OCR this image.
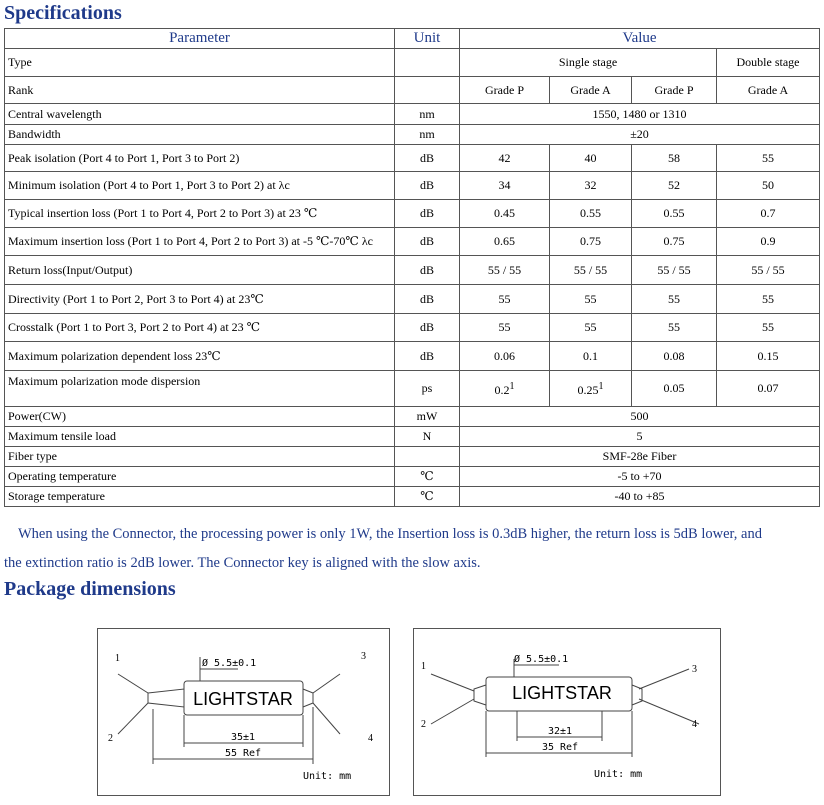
Specifications
Parameter	Unit	Value			
Type		Single stage			Double stage
Rank		Grade P	Grade A	Grade P	Grade A
Central wavelength	nm	1550, 1480 or 1310			
Bandwidth	nm	±20			
Peak isolation (Port 4 to Port 1, Port 3 to Port 2)	dB	42	40	58	55
Minimum isolation (Port 4 to Port 1, Port 3 to Port 2) at λc	dB	34	32	52	50
Typical insertion loss (Port 1 to Port 4, Port 2 to Port 3) at 23 ℃	dB	0.45	0.55	0.55	0.7
Maximum insertion loss (Port 1 to Port 4, Port 2 to Port 3) at -5 ℃-70℃ λc	dB	0.65	0.75	0.75	0.9
Return loss(Input/Output)	dB	55 / 55	55 / 55	55 / 55	55 / 55
Directivity (Port 1 to Port 2, Port 3 to Port 4) at 23℃	dB	55	55	55	55
Crosstalk (Port 1 to Port 3, Port 2 to Port 4) at 23 ℃	dB	55	55	55	55
Maximum polarization dependent loss 23℃	dB	0.06	0.1	0.08	0.15
Maximum polarization mode dispersion	ps	$0.2^1$	0.25$^1$	0.05	0.07
Power(CW)	mW	500			
Maximum tensile load	N	5			
Fiber type		SMF-28e Fiber			
Operating temperature	℃	-5 to +70			
Storage temperature	℃	-40 to +85			
When using the Connector, the processing power is only 1W, the Insertion loss is 0.3dB higher, the return loss is 5dB lower, and
the extinction ratio is 2dB lower. The Connector key is aligned with the slow axis.
Package dimensions
LIGHTSTAR
Ø 5.5±0.1
35±1
55 Ref
Unit: mm
1
2
3
4
LIGHTSTAR
Ø 5.5±0.1
32±1
35 Ref
Unit: mm
1
2
3
4
